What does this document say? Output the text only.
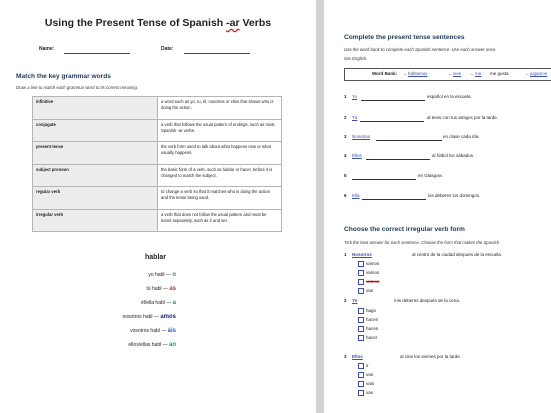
Using the Present Tense of Spanish -ar Verbs
Name:	Date:
Match the key grammar words
Draw a line to match each grammar word to its correct meaning.
infinitive	a word such as yo, tu, él, nosotros or ellos that shows who is doing the action.
conjugate	a verb that follows the usual pattern of endings, such as most Spanish -ar verbs.
present tense	the verb form used to talk about what happens now or what usually happens.
subject pronoun	the basic form of a verb, such as hablar or hacer, before it is changed to match the subject.
regular verb	to change a verb so that it matches who is doing the action and the tense being used.
irregular verb	a verb that does not follow the usual pattern and must be learnt separately, such as ir and ser.
hablar
yo habl — o
tú habl — as
él/ella habl — a
nosotros habl — amos
vosotros habl — áis
ellos/ellas habl — an
Complete the present tense sentences
Use the word bank to complete each Spanish sentence. Use each answer once.
into English.
Word Bank: hablamos
←	vive
←	me
←	me gusta	jugamos
←
1 Yo	español en la escuela.
2 Tú	al tenis con tus amigos por la tarde.
3 Nosotros	en clase cada día.
4 Ellos	al fútbol los sábados.
5	en Glasgow.
6 Ella	los deberes los domingos.
Choose the correct irregular verb form
Tick the best answer for each sentence. Choose the form that makes the Spanish
1 Nosotros	al centro de la ciudad después de la escuela.
vamos
vamos
vamos
van
2 Yo	mis deberes después de la cena.
hago
haces
hacen
hacer
3 Ellos	al cine los viernes por la tarde.
ir
van
vais
vas
